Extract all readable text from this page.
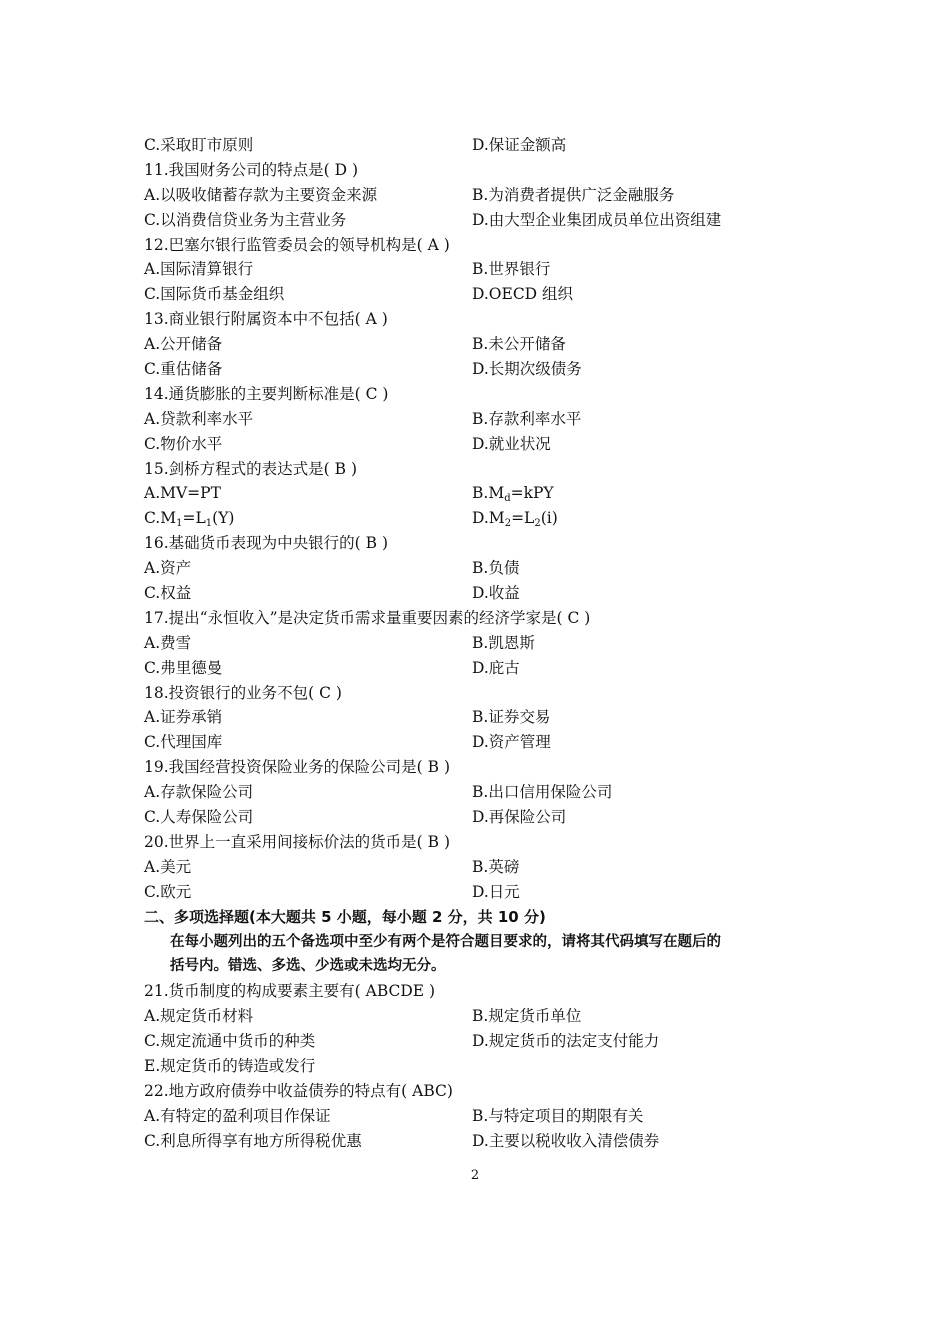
C.采取盯市原则	D.保证金额高
11.我国财务公司的特点是( D )
A.以吸收储蓄存款为主要资金来源	B.为消费者提供广泛金融服务
C.以消费信贷业务为主营业务	D.由大型企业集团成员单位出资组建
12.巴塞尔银行监管委员会的领导机构是( A )
A.国际清算银行	B.世界银行
C.国际货币基金组织	D.OECD 组织
13.商业银行附属资本中不包括( A )
A.公开储备	B.未公开储备
C.重估储备	D.长期次级债务
14.通货膨胀的主要判断标准是( C )
A.贷款利率水平	B.存款利率水平
C.物价水平	D.就业状况
15.剑桥方程式的表达式是( B )
A.MV=PT	$B.M_d=kPY$
$C.M_1=L_1(Y)$	$D.M_2=L_2(i)$
16.基础货币表现为中央银行的( B )
A.资产	B.负债
C.权益	D.收益
17.提出“永恒收入”是决定货币需求量重要因素的经济学家是( C )
A.费雪	B.凯恩斯
C.弗里德曼	D.庇古
18.投资银行的业务不包( C )
A.证券承销	B.证券交易
C.代理国库	D.资产管理
19.我国经营投资保险业务的保险公司是( B )
A.存款保险公司	B.出口信用保险公司
C.人寿保险公司	D.再保险公司
20.世界上一直采用间接标价法的货币是( B )
A.美元	B.英磅
C.欧元	D.日元
二、多项选择题(本大题共 5 小题，每小题 2 分，共 10 分)
在每小题列出的五个备选项中至少有两个是符合题目要求的，请将其代码填写在题后的
括号内。错选、多选、少选或未选均无分。
21.货币制度的构成要素主要有( ABCDE )
A.规定货币材料	B.规定货币单位
C.规定流通中货币的种类	D.规定货币的法定支付能力
E.规定货币的铸造或发行
22.地方政府债券中收益债券的特点有( ABC)
A.有特定的盈利项目作保证	B.与特定项目的期限有关
C.利息所得享有地方所得税优惠	D.主要以税收收入清偿债券
2
